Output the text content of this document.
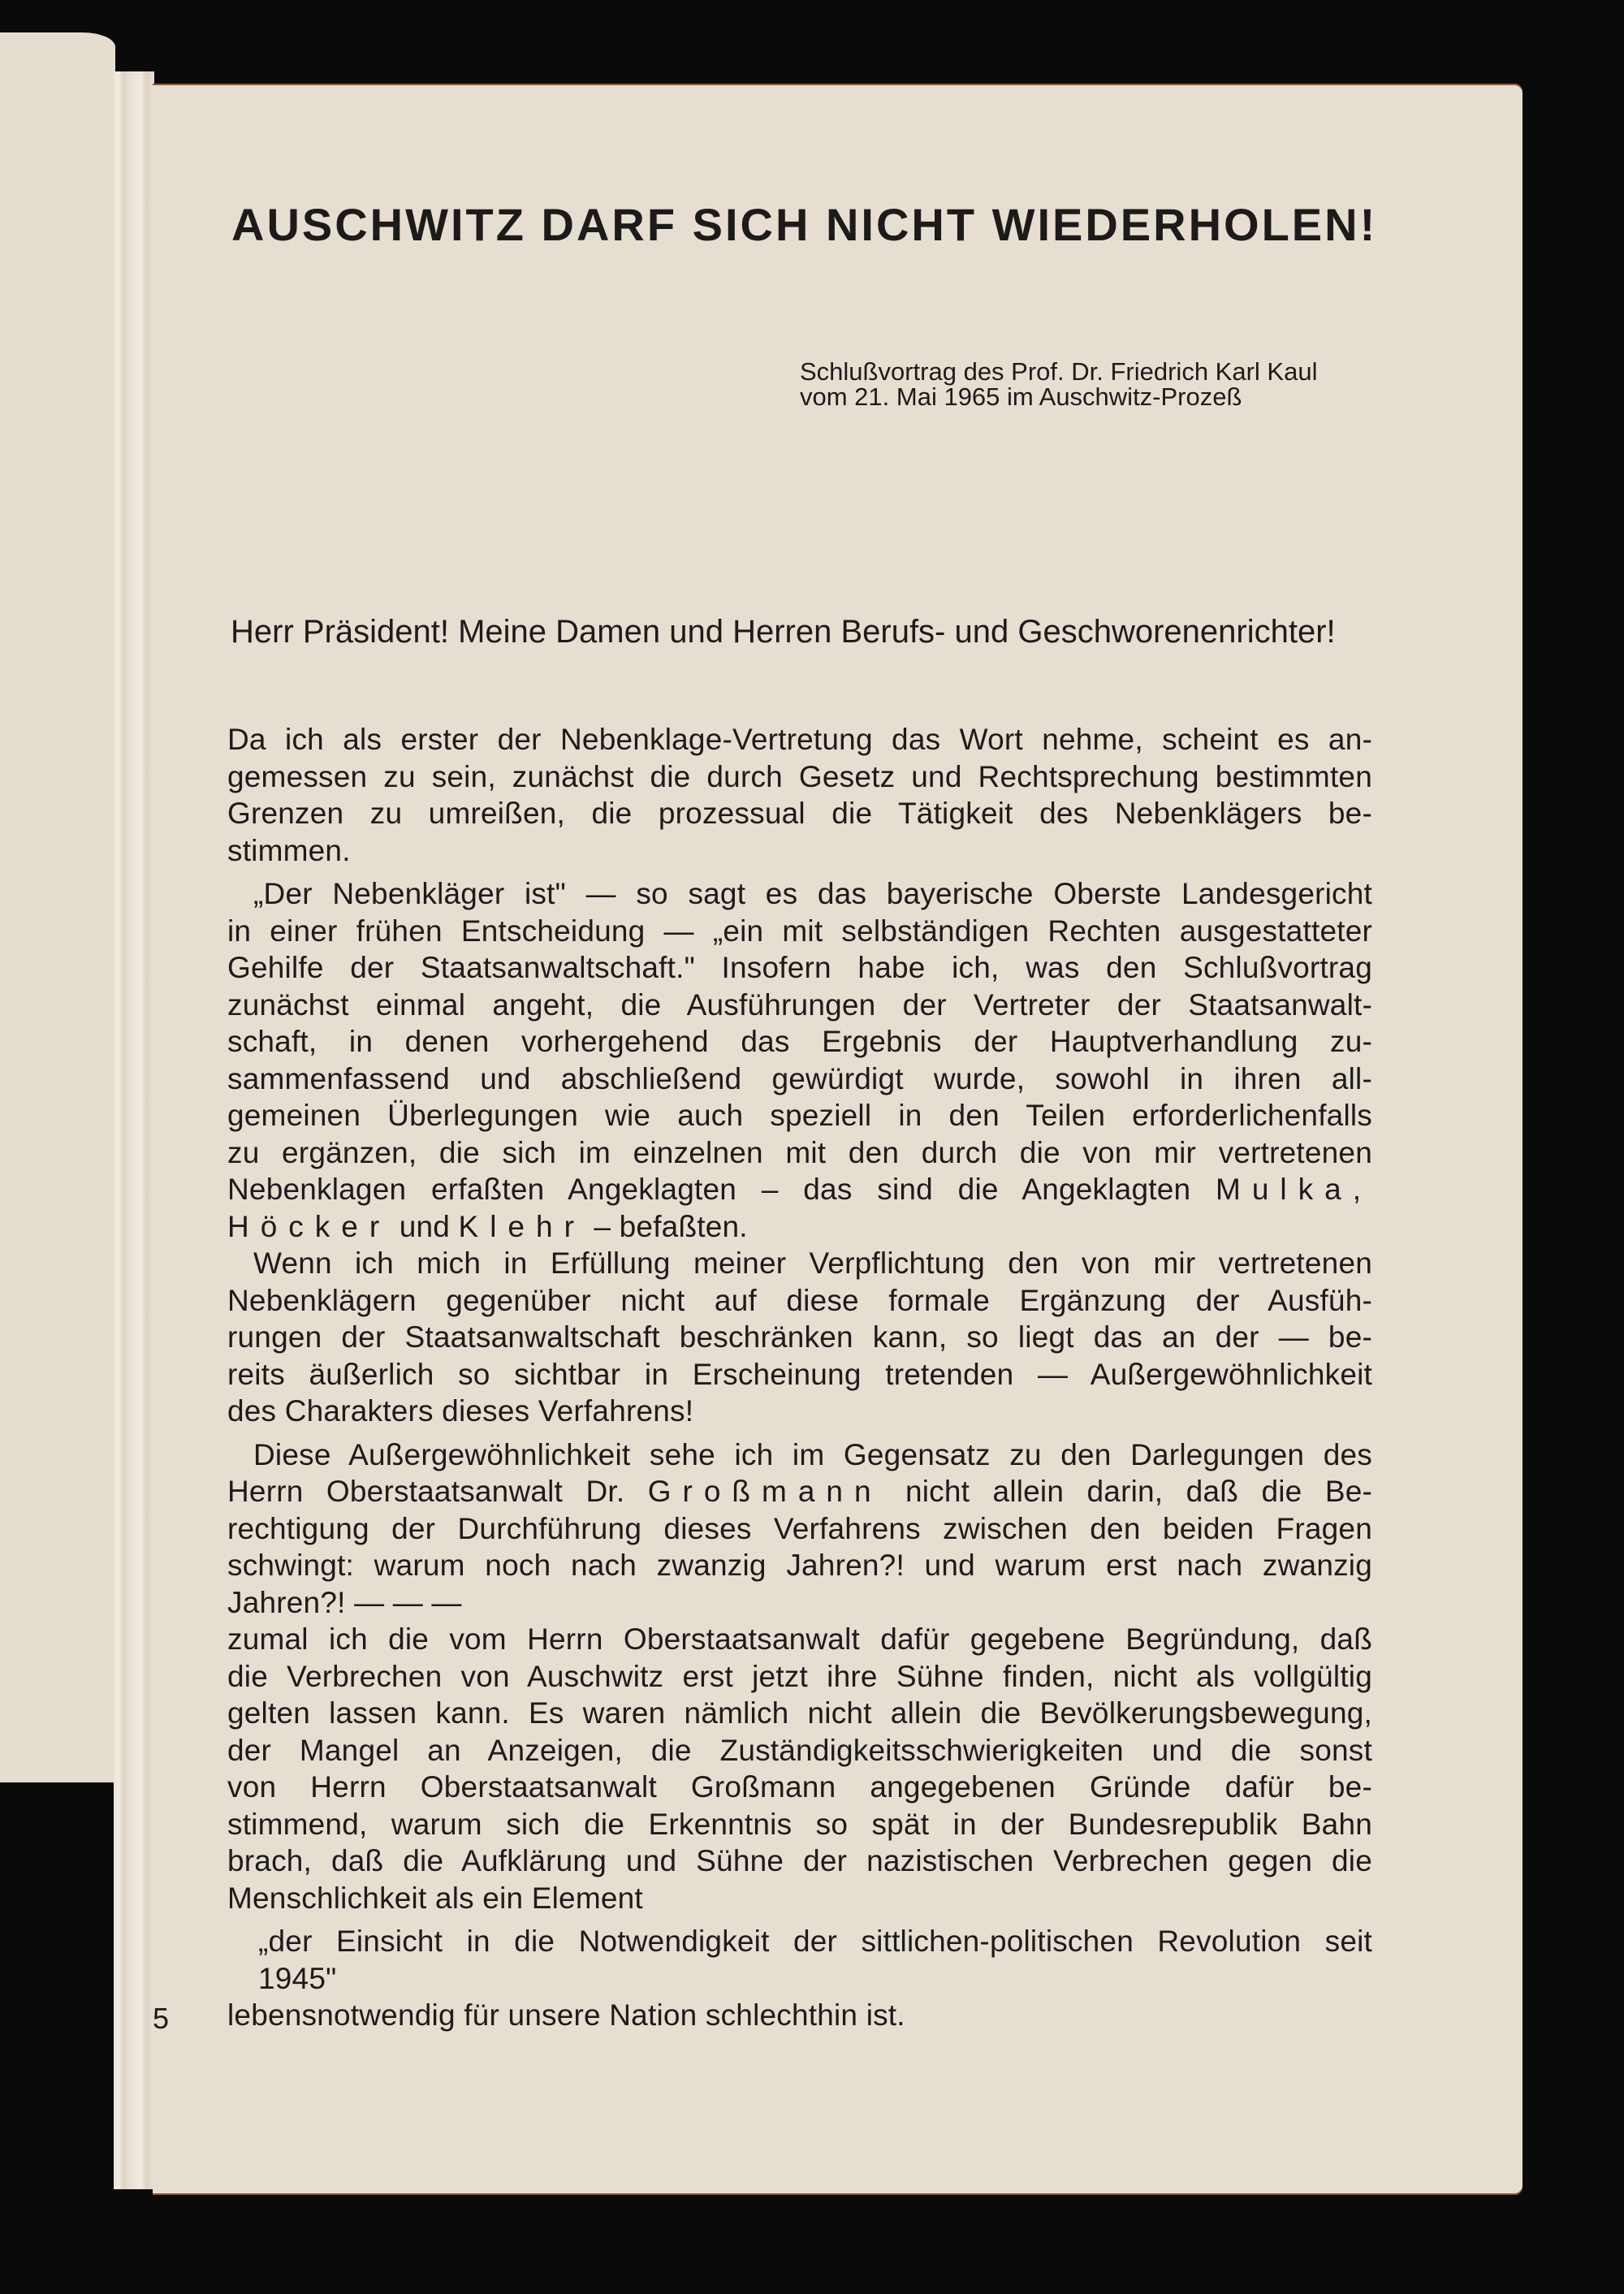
AUSCHWITZ DARF SICH NICHT WIEDERHOLEN!
Schlußvortrag des Prof. Dr. Friedrich Karl Kaul
vom 21. Mai 1965 im Auschwitz-Prozeß
Herr Präsident! Meine Damen und Herren Berufs- und Geschworenenrichter!
Da ich als erster der Nebenklage-Vertretung das Wort nehme, scheint es an-
gemessen zu sein, zunächst die durch Gesetz und Rechtsprechung bestimmten
Grenzen zu umreißen, die prozessual die Tätigkeit des Nebenklägers be-
stimmen.
„Der Nebenkläger ist" — so sagt es das bayerische Oberste Landesgericht
in einer frühen Entscheidung — „ein mit selbständigen Rechten ausgestatteter
Gehilfe der Staatsanwaltschaft." Insofern habe ich, was den Schlußvortrag
zunächst einmal angeht, die Ausführungen der Vertreter der Staatsanwalt-
schaft, in denen vorhergehend das Ergebnis der Hauptverhandlung zu-
sammenfassend und abschließend gewürdigt wurde, sowohl in ihren all-
gemeinen Überlegungen wie auch speziell in den Teilen erforderlichenfalls
zu ergänzen, die sich im einzelnen mit den durch die von mir vertretenen
Nebenklagen erfaßten Angeklagten – das sind die Angeklagten Mulka,
Höcker und Klehr – befaßten.
Wenn ich mich in Erfüllung meiner Verpflichtung den von mir vertretenen
Nebenklägern gegenüber nicht auf diese formale Ergänzung der Ausfüh-
rungen der Staatsanwaltschaft beschränken kann, so liegt das an der — be-
reits äußerlich so sichtbar in Erscheinung tretenden — Außergewöhnlichkeit
des Charakters dieses Verfahrens!
Diese Außergewöhnlichkeit sehe ich im Gegensatz zu den Darlegungen des
Herrn Oberstaatsanwalt Dr. Großmann nicht allein darin, daß die Be-
rechtigung der Durchführung dieses Verfahrens zwischen den beiden Fragen
schwingt: warum noch nach zwanzig Jahren?! und warum erst nach zwanzig
Jahren?! — — —
zumal ich die vom Herrn Oberstaatsanwalt dafür gegebene Begründung, daß
die Verbrechen von Auschwitz erst jetzt ihre Sühne finden, nicht als vollgültig
gelten lassen kann. Es waren nämlich nicht allein die Bevölkerungsbewegung,
der Mangel an Anzeigen, die Zuständigkeitsschwierigkeiten und die sonst
von Herrn Oberstaatsanwalt Großmann angegebenen Gründe dafür be-
stimmend, warum sich die Erkenntnis so spät in der Bundesrepublik Bahn
brach, daß die Aufklärung und Sühne der nazistischen Verbrechen gegen die
Menschlichkeit als ein Element
„der Einsicht in die Notwendigkeit der sittlichen-politischen Revolution seit
1945"
lebensnotwendig für unsere Nation schlechthin ist.
5
